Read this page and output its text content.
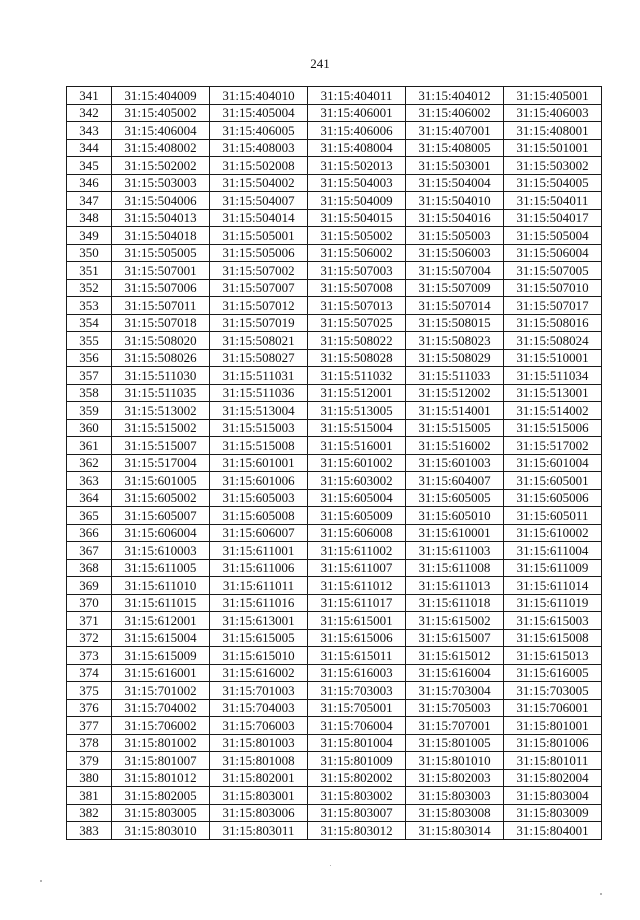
241
341	31:15:404009	31:15:404010	31:15:404011	31:15:404012	31:15:405001
342	31:15:405002	31:15:405004	31:15:406001	31:15:406002	31:15:406003
343	31:15:406004	31:15:406005	31:15:406006	31:15:407001	31:15:408001
344	31:15:408002	31:15:408003	31:15:408004	31:15:408005	31:15:501001
345	31:15:502002	31:15:502008	31:15:502013	31:15:503001	31:15:503002
346	31:15:503003	31:15:504002	31:15:504003	31:15:504004	31:15:504005
347	31:15:504006	31:15:504007	31:15:504009	31:15:504010	31:15:504011
348	31:15:504013	31:15:504014	31:15:504015	31:15:504016	31:15:504017
349	31:15:504018	31:15:505001	31:15:505002	31:15:505003	31:15:505004
350	31:15:505005	31:15:505006	31:15:506002	31:15:506003	31:15:506004
351	31:15:507001	31:15:507002	31:15:507003	31:15:507004	31:15:507005
352	31:15:507006	31:15:507007	31:15:507008	31:15:507009	31:15:507010
353	31:15:507011	31:15:507012	31:15:507013	31:15:507014	31:15:507017
354	31:15:507018	31:15:507019	31:15:507025	31:15:508015	31:15:508016
355	31:15:508020	31:15:508021	31:15:508022	31:15:508023	31:15:508024
356	31:15:508026	31:15:508027	31:15:508028	31:15:508029	31:15:510001
357	31:15:511030	31:15:511031	31:15:511032	31:15:511033	31:15:511034
358	31:15:511035	31:15:511036	31:15:512001	31:15:512002	31:15:513001
359	31:15:513002	31:15:513004	31:15:513005	31:15:514001	31:15:514002
360	31:15:515002	31:15:515003	31:15:515004	31:15:515005	31:15:515006
361	31:15:515007	31:15:515008	31:15:516001	31:15:516002	31:15:517002
362	31:15:517004	31:15:601001	31:15:601002	31:15:601003	31:15:601004
363	31:15:601005	31:15:601006	31:15:603002	31:15:604007	31:15:605001
364	31:15:605002	31:15:605003	31:15:605004	31:15:605005	31:15:605006
365	31:15:605007	31:15:605008	31:15:605009	31:15:605010	31:15:605011
366	31:15:606004	31:15:606007	31:15:606008	31:15:610001	31:15:610002
367	31:15:610003	31:15:611001	31:15:611002	31:15:611003	31:15:611004
368	31:15:611005	31:15:611006	31:15:611007	31:15:611008	31:15:611009
369	31:15:611010	31:15:611011	31:15:611012	31:15:611013	31:15:611014
370	31:15:611015	31:15:611016	31:15:611017	31:15:611018	31:15:611019
371	31:15:612001	31:15:613001	31:15:615001	31:15:615002	31:15:615003
372	31:15:615004	31:15:615005	31:15:615006	31:15:615007	31:15:615008
373	31:15:615009	31:15:615010	31:15:615011	31:15:615012	31:15:615013
374	31:15:616001	31:15:616002	31:15:616003	31:15:616004	31:15:616005
375	31:15:701002	31:15:701003	31:15:703003	31:15:703004	31:15:703005
376	31:15:704002	31:15:704003	31:15:705001	31:15:705003	31:15:706001
377	31:15:706002	31:15:706003	31:15:706004	31:15:707001	31:15:801001
378	31:15:801002	31:15:801003	31:15:801004	31:15:801005	31:15:801006
379	31:15:801007	31:15:801008	31:15:801009	31:15:801010	31:15:801011
380	31:15:801012	31:15:802001	31:15:802002	31:15:802003	31:15:802004
381	31:15:802005	31:15:803001	31:15:803002	31:15:803003	31:15:803004
382	31:15:803005	31:15:803006	31:15:803007	31:15:803008	31:15:803009
383	31:15:803010	31:15:803011	31:15:803012	31:15:803014	31:15:804001
